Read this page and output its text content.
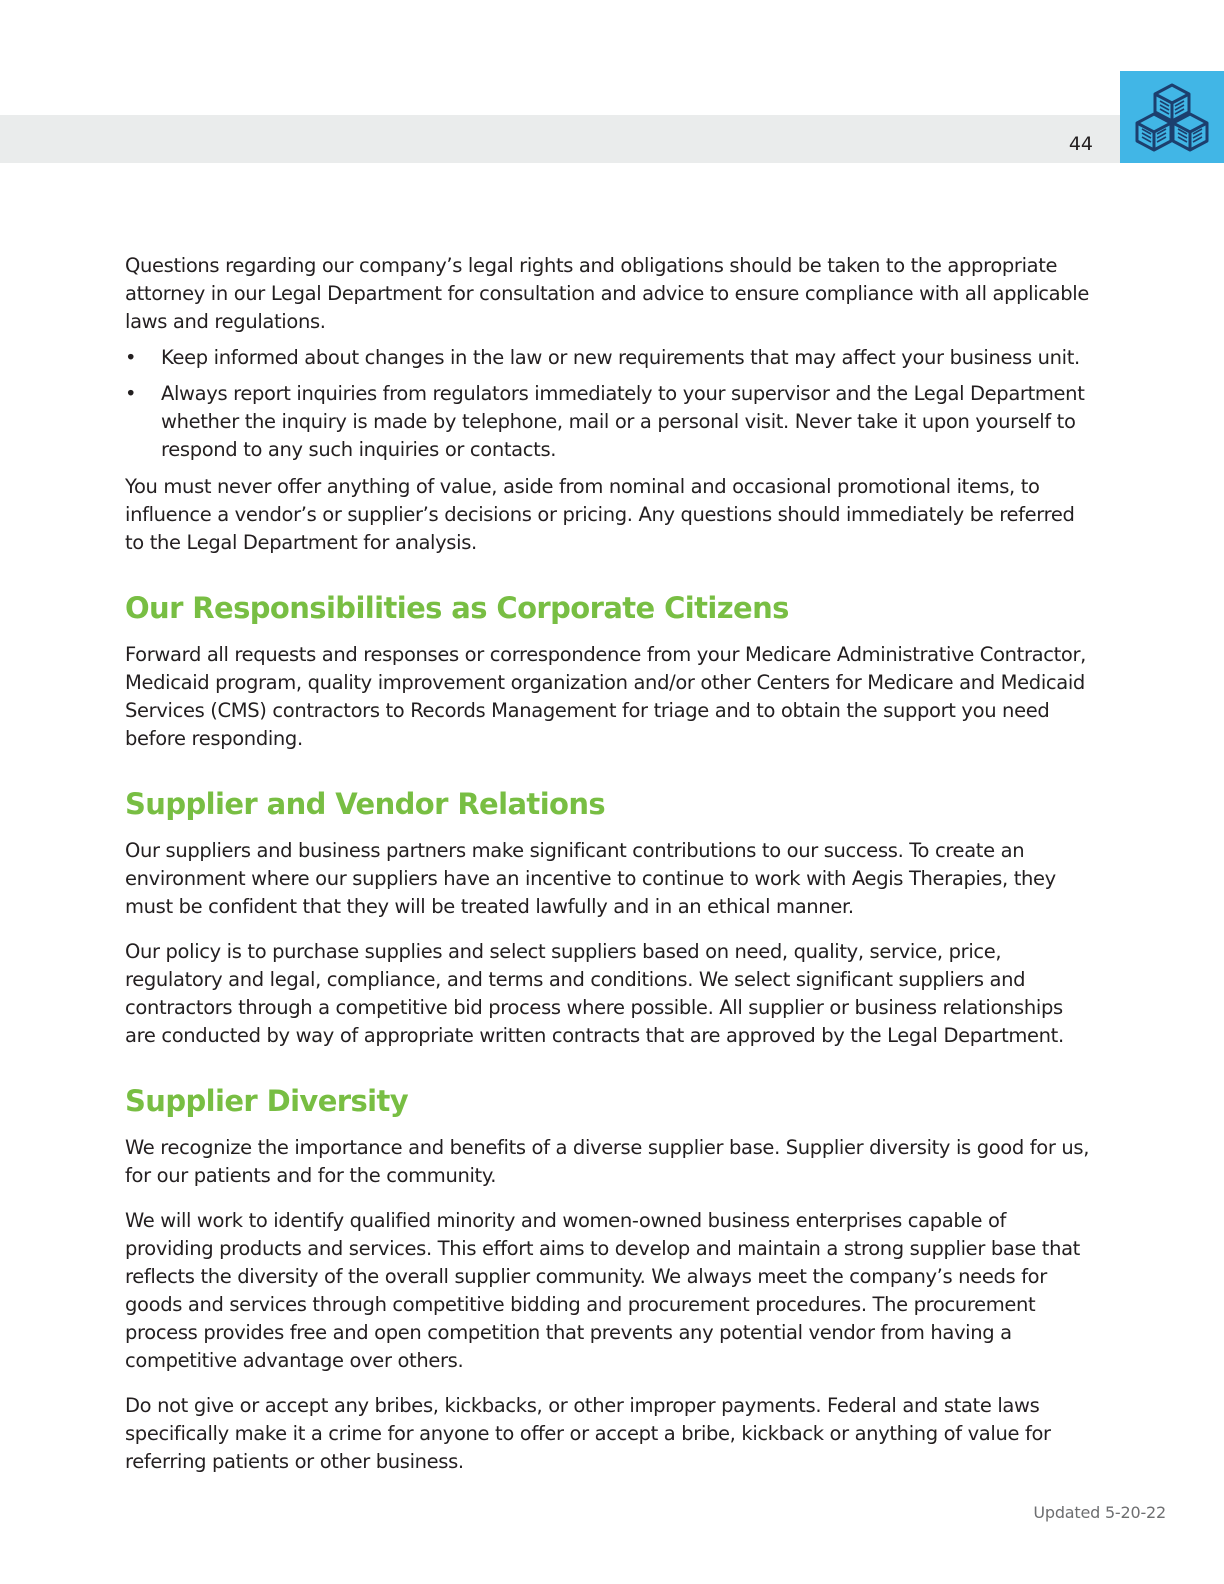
44

Questions regarding our company’s legal rights and obligations should be taken to the appropriate attorney in our Legal Department for consultation and advice to ensure compliance with all applicable laws and regulations.

• Keep informed about changes in the law or new requirements that may affect your business unit.
• Always report inquiries from regulators immediately to your supervisor and the Legal Department whether the inquiry is made by telephone, mail or a personal visit. Never take it upon yourself to respond to any such inquiries or contacts.

You must never offer anything of value, aside from nominal and occasional promotional items, to influence a vendor’s or supplier’s decisions or pricing. Any questions should immediately be referred to the Legal Department for analysis.

Our Responsibilities as Corporate Citizens

Forward all requests and responses or correspondence from your Medicare Administrative Contractor, Medicaid program, quality improvement organization and/or other Centers for Medicare and Medicaid Services (CMS) contractors to Records Management for triage and to obtain the support you need before responding.

Supplier and Vendor Relations

Our suppliers and business partners make significant contributions to our success. To create an environment where our suppliers have an incentive to continue to work with Aegis Therapies, they must be confident that they will be treated lawfully and in an ethical manner.

Our policy is to purchase supplies and select suppliers based on need, quality, service, price, regulatory and legal, compliance, and terms and conditions. We select significant suppliers and contractors through a competitive bid process where possible. All supplier or business relationships are conducted by way of appropriate written contracts that are approved by the Legal Department.

Supplier Diversity

We recognize the importance and benefits of a diverse supplier base. Supplier diversity is good for us, for our patients and for the community.

We will work to identify qualified minority and women-owned business enterprises capable of providing products and services. This effort aims to develop and maintain a strong supplier base that reflects the diversity of the overall supplier community. We always meet the company’s needs for goods and services through competitive bidding and procurement procedures. The procurement process provides free and open competition that prevents any potential vendor from having a competitive advantage over others.

Do not give or accept any bribes, kickbacks, or other improper payments. Federal and state laws specifically make it a crime for anyone to offer or accept a bribe, kickback or anything of value for referring patients or other business.

Updated 5-20-22
